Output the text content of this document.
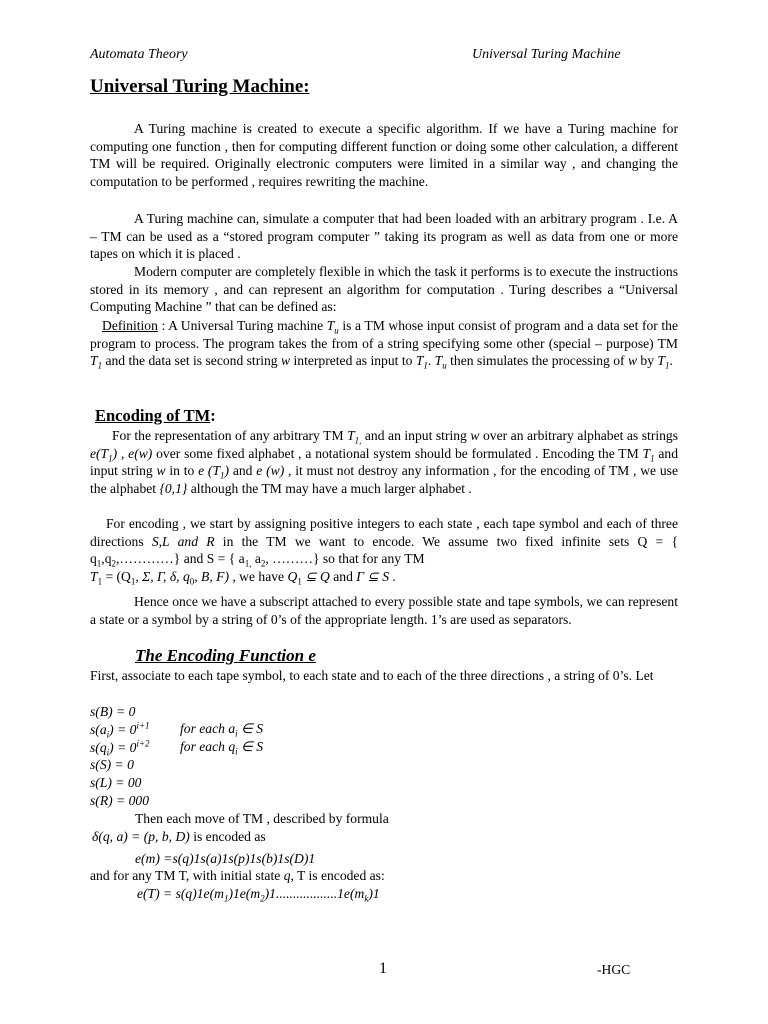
Automata Theory	Universal Turing Machine
Universal Turing Machine:

A Turing machine is created to execute a specific algorithm. If we have a Turing machine for computing one function , then for computing different function or doing some other calculation, a different TM will be required. Originally electronic computers were limited in a similar way , and changing the computation to be performed , requires rewriting the machine.

A Turing machine can, simulate a computer that had been loaded with an arbitrary program . I.e. A – TM can be used as a “stored program computer ” taking its program as well as data from one or more tapes on which it is placed .

Modern computer are completely flexible in which the task it performs is to execute the instructions stored in its memory , and can represent an algorithm for computation . Turing describes a “Universal Computing Machine ” that can be defined as:

Definition : A Universal Turing machine $T_u$ is a TM whose input consist of program and a data set for the program to process. The program takes the from of a string specifying some other (special – purpose) TM $T_1$ and the data set is second string w interpreted as input to $T_1$. $T_u$ then simulates the processing of w by $T_1$.

Encoding of TM:

For the representation of any arbitrary TM $T_{1,}$ and an input string w over an arbitrary alphabet as strings $e(T_1)$ , e(w) over some fixed alphabet , a notational system should be formulated . Encoding the TM $T_1$ and input string w in to e $(T_1)$ and e (w) , it must not destroy any information , for the encoding of TM , we use the alphabet {0,1} although the TM may have a much larger alphabet .

For encoding , we start by assigning positive integers to each state , each tape symbol and each of three directions S,L and R in the TM we want to encode. We assume two fixed infinite sets Q = { $q_1,q_2,\dots\dots\dots\dots$} and S = { $a_{1,}$ $a_2$, ………} so that for any TM
$T_1 = (Q_1$, Σ, Γ, δ, $q_0$, B, F) , we have $Q_1$ ⊆ Q and Γ ⊆ S .

Hence once we have a subscript attached to every possible state and tape symbols, we can represent a state or a symbol by a string of 0’s of the appropriate length. 1’s are used as separators.

The Encoding Function e

First, associate to each tape symbol, to each state and to each of the three directions , a string of 0’s. Let

s(B) = 0
$s(a_i) = 0^{i+1}$ for each $a_i$ ∈ S
$s(q_i) = 0^{i+2}$ for each $q_i$ ∈ S
s(S) = 0
s(L) = 00
s(R) = 000
Then each move of TM , described by formula
δ(q, a) = (p, b, D) is encoded as
e(m) =s(q)1s(a)1s(p)1s(b)1s(D)1
and for any TM T, with initial state q, T is encoded as:
$e(T) = s(q)1e(m_1)1e(m_2)1..................1e(m_k)1$
1	-HGC
